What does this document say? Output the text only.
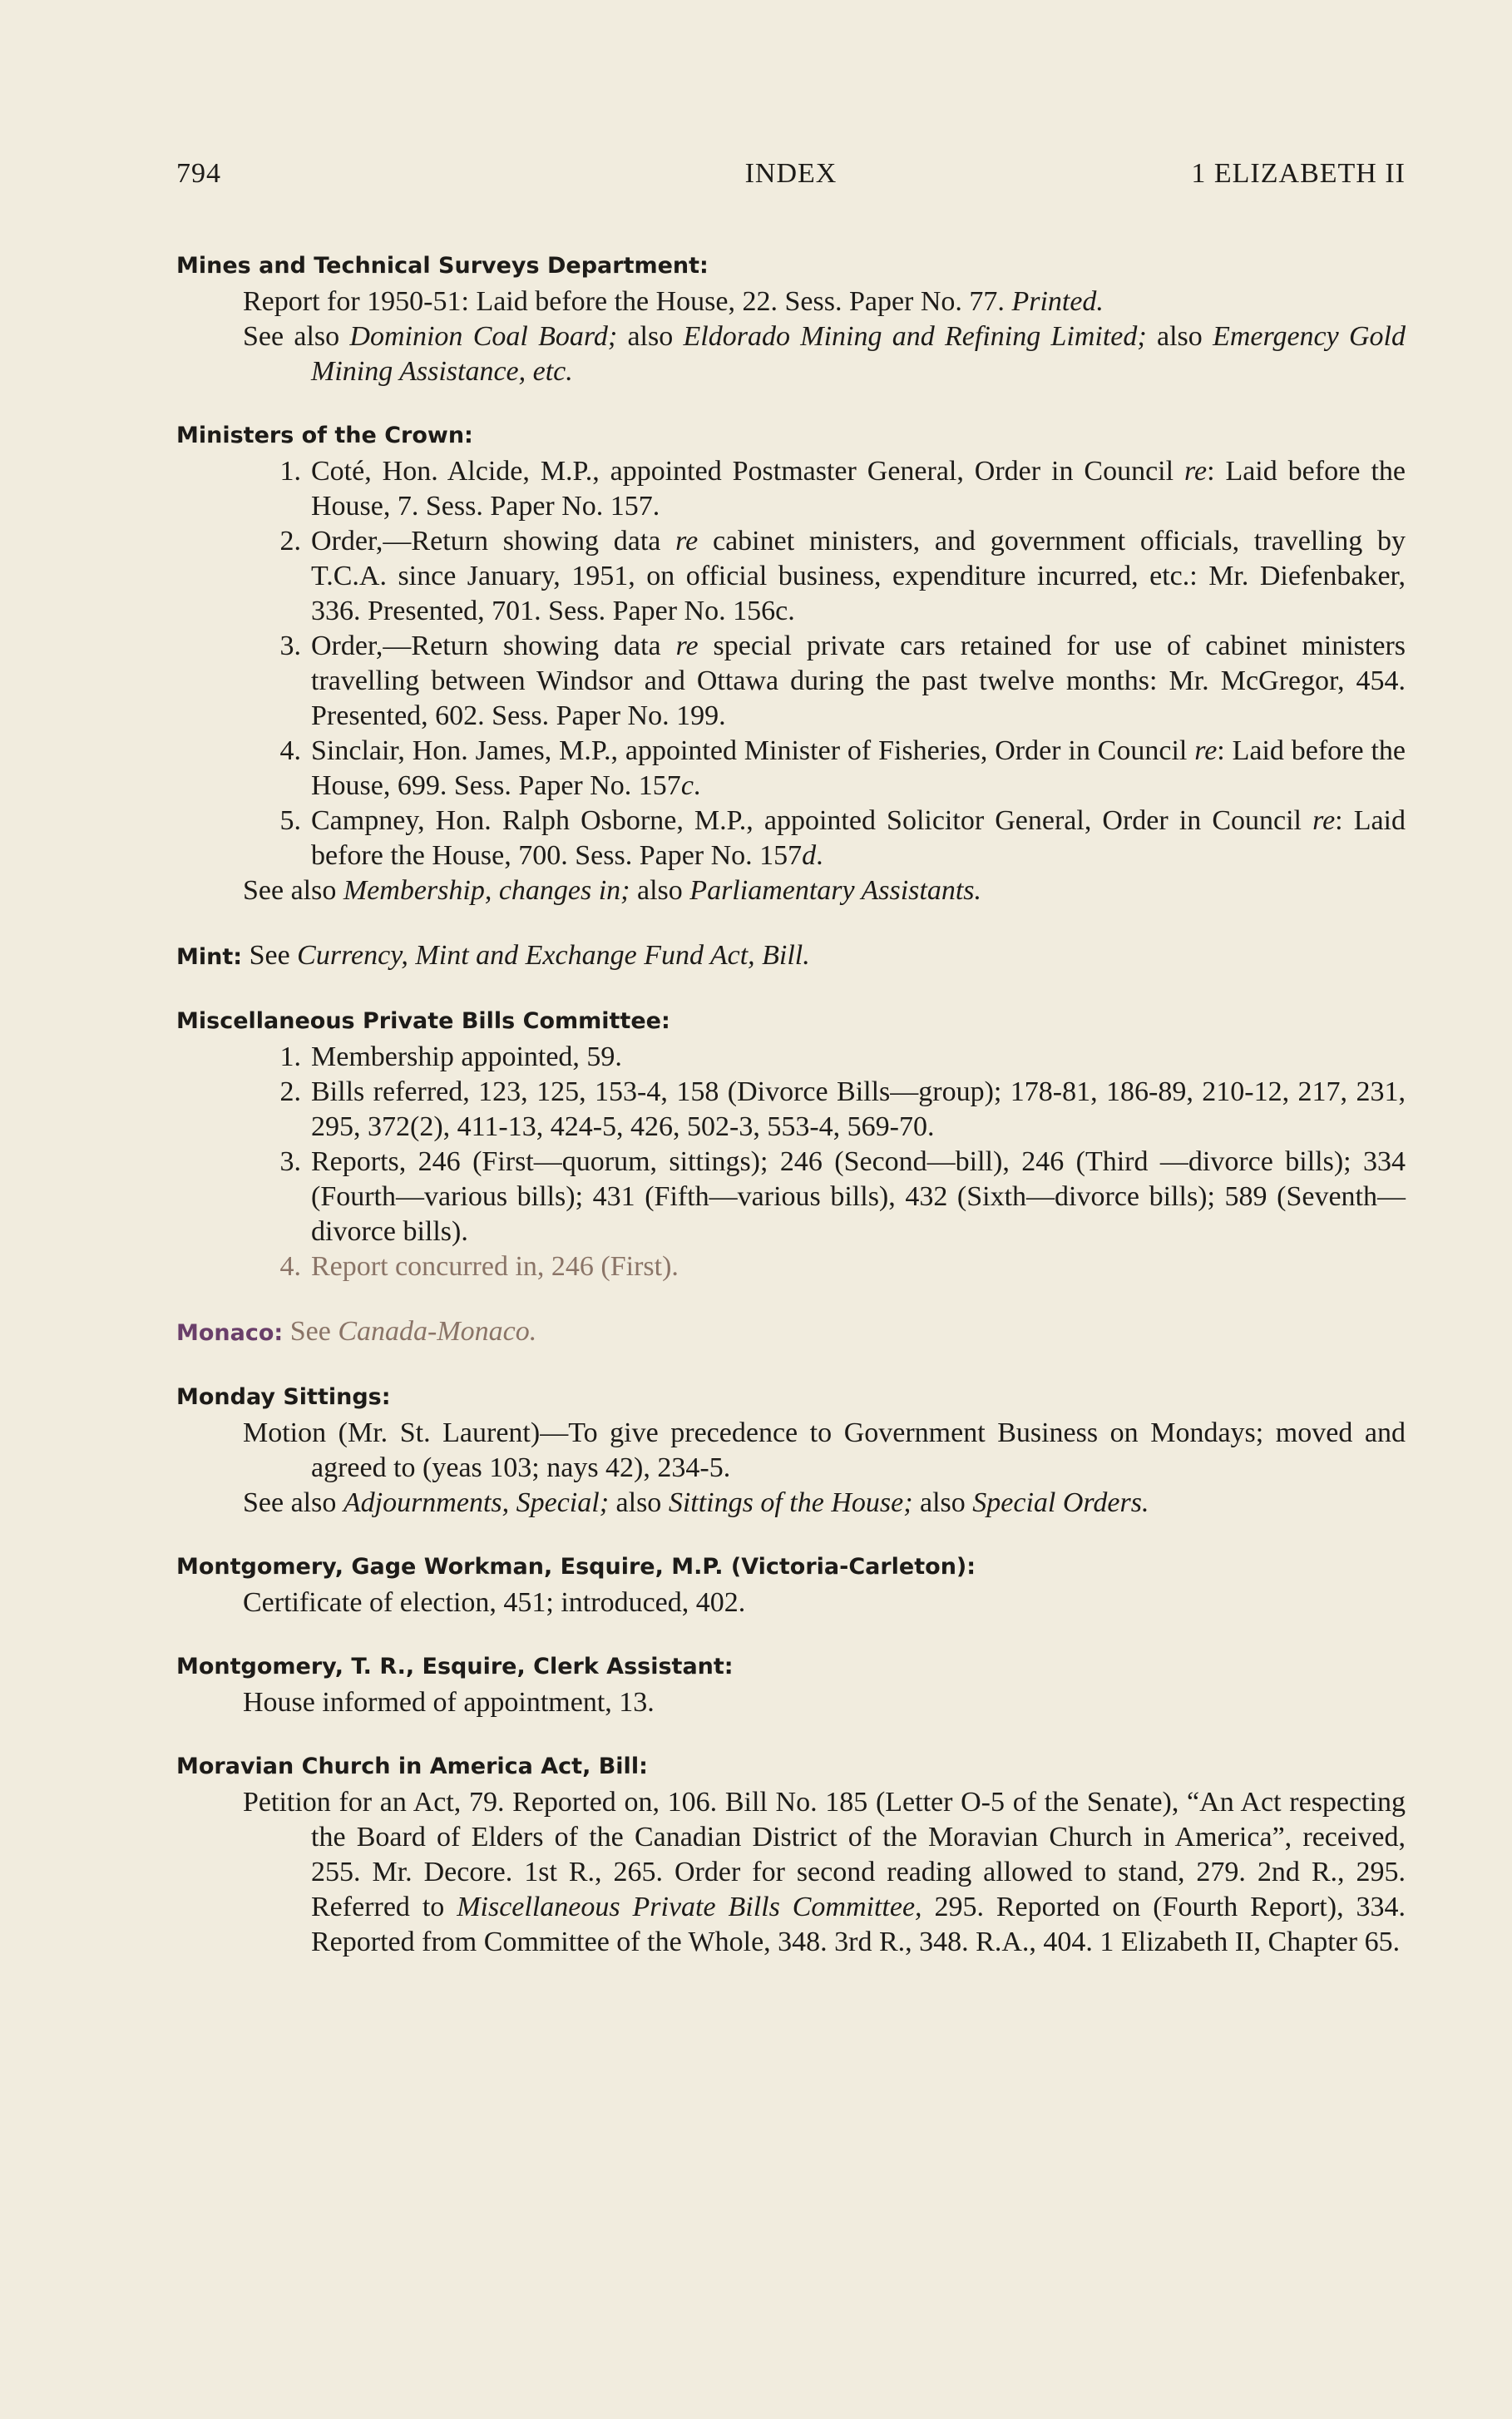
794	INDEX	1 ELIZABETH II
Mines and Technical Surveys Department:

Report for 1950-51: Laid before the House, 22. Sess. Paper No. 77. Printed.

See also Dominion Coal Board; also Eldorado Mining and Refining Limited; also Emergency Gold Mining Assistance, etc.

Ministers of the Crown:

1. Coté, Hon. Alcide, M.P., appointed Postmaster General, Order in Council re: Laid before the House, 7. Sess. Paper No. 157.

2. Order,—Return showing data re cabinet ministers, and government officials, travelling by T.C.A. since January, 1951, on official business, expenditure incurred, etc.: Mr. Diefenbaker, 336. Presented, 701. Sess. Paper No. 156c.

3. Order,—Return showing data re special private cars retained for use of cabinet ministers travelling between Windsor and Ottawa during the past twelve months: Mr. McGregor, 454. Presented, 602. Sess. Paper No. 199.

4. Sinclair, Hon. James, M.P., appointed Minister of Fisheries, Order in Council re: Laid before the House, 699. Sess. Paper No. 157c.

5. Campney, Hon. Ralph Osborne, M.P., appointed Solicitor General, Order in Council re: Laid before the House, 700. Sess. Paper No. 157d.

See also Membership, changes in; also Parliamentary Assistants.

Mint: See Currency, Mint and Exchange Fund Act, Bill.

Miscellaneous Private Bills Committee:

1. Membership appointed, 59.

2. Bills referred, 123, 125, 153-4, 158 (Divorce Bills—group); 178-81, 186-89, 210-12, 217, 231, 295, 372(2), 411-13, 424-5, 426, 502-3, 553-4, 569-70.

3. Reports, 246 (First—quorum, sittings); 246 (Second—bill), 246 (Third —divorce bills); 334 (Fourth—various bills); 431 (Fifth—various bills), 432 (Sixth—divorce bills); 589 (Seventh—divorce bills).

4. Report concurred in, 246 (First).

Monaco: See Canada-Monaco.

Monday Sittings:

Motion (Mr. St. Laurent)—To give precedence to Government Business on Mondays; moved and agreed to (yeas 103; nays 42), 234-5.

See also Adjournments, Special; also Sittings of the House; also Special Orders.

Montgomery, Gage Workman, Esquire, M.P. (Victoria-Carleton):

Certificate of election, 451; introduced, 402.

Montgomery, T. R., Esquire, Clerk Assistant:

House informed of appointment, 13.

Moravian Church in America Act, Bill:

Petition for an Act, 79. Reported on, 106. Bill No. 185 (Letter O-5 of the Senate), “An Act respecting the Board of Elders of the Canadian District of the Moravian Church in America”, received, 255. Mr. Decore. 1st R., 265. Order for second reading allowed to stand, 279. 2nd R., 295. Referred to Miscellaneous Private Bills Committee, 295. Reported on (Fourth Report), 334. Reported from Committee of the Whole, 348. 3rd R., 348. R.A., 404. 1 Elizabeth II, Chapter 65.
